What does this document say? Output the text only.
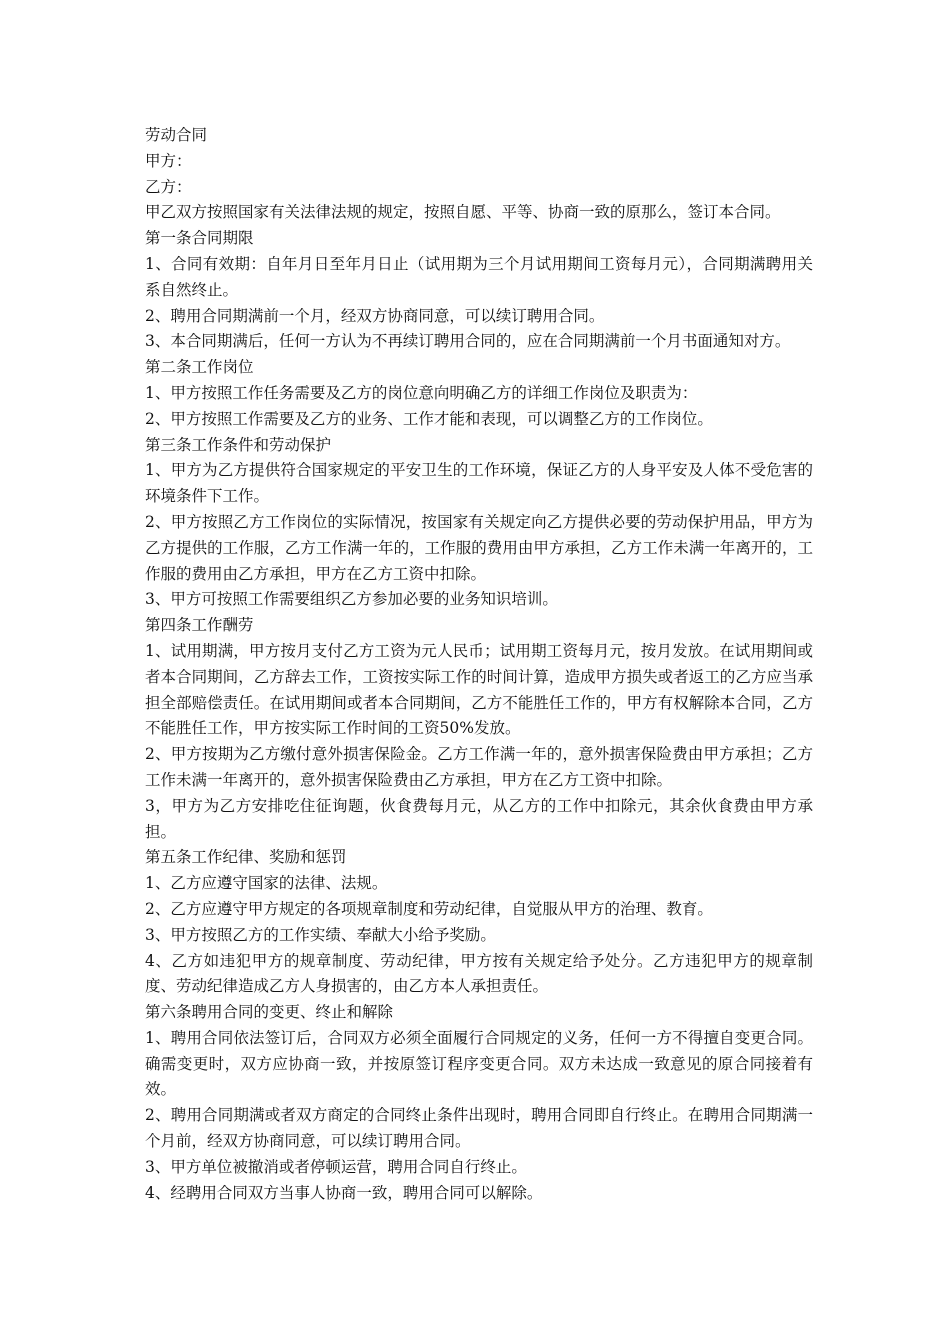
劳动合同

甲方：

乙方：

甲乙双方按照国家有关法律法规的规定，按照自愿、平等、协商一致的原那么，签订本合同。

第一条合同期限

1、合同有效期：自年月日至年月日止（试用期为三个月试用期间工资每月元），合同期满聘用关系自然终止。

2、聘用合同期满前一个月，经双方协商同意，可以续订聘用合同。

3、本合同期满后，任何一方认为不再续订聘用合同的，应在合同期满前一个月书面通知对方。

第二条工作岗位

1、甲方按照工作任务需要及乙方的岗位意向明确乙方的详细工作岗位及职责为：

2、甲方按照工作需要及乙方的业务、工作才能和表现，可以调整乙方的工作岗位。

第三条工作条件和劳动保护

1、甲方为乙方提供符合国家规定的平安卫生的工作环境，保证乙方的人身平安及人体不受危害的环境条件下工作。

2、甲方按照乙方工作岗位的实际情况，按国家有关规定向乙方提供必要的劳动保护用品，甲方为乙方提供的工作服，乙方工作满一年的，工作服的费用由甲方承担，乙方工作未满一年离开的，工作服的费用由乙方承担，甲方在乙方工资中扣除。

3、甲方可按照工作需要组织乙方参加必要的业务知识培训。

第四条工作酬劳

1、试用期满，甲方按月支付乙方工资为元人民币；试用期工资每月元，按月发放。在试用期间或者本合同期间，乙方辞去工作，工资按实际工作的时间计算，造成甲方损失或者返工的乙方应当承担全部赔偿责任。在试用期间或者本合同期间，乙方不能胜任工作的，甲方有权解除本合同，乙方不能胜任工作，甲方按实际工作时间的工资50%发放。

2、甲方按期为乙方缴付意外损害保险金。乙方工作满一年的，意外损害保险费由甲方承担；乙方工作未满一年离开的，意外损害保险费由乙方承担，甲方在乙方工资中扣除。

3，甲方为乙方安排吃住征询题，伙食费每月元，从乙方的工作中扣除元，其余伙食费由甲方承担。

第五条工作纪律、奖励和惩罚

1、乙方应遵守国家的法律、法规。

2、乙方应遵守甲方规定的各项规章制度和劳动纪律，自觉服从甲方的治理、教育。

3、甲方按照乙方的工作实绩、奉献大小给予奖励。

4、乙方如违犯甲方的规章制度、劳动纪律，甲方按有关规定给予处分。乙方违犯甲方的规章制度、劳动纪律造成乙方人身损害的，由乙方本人承担责任。

第六条聘用合同的变更、终止和解除

1、聘用合同依法签订后，合同双方必须全面履行合同规定的义务，任何一方不得擅自变更合同。确需变更时，双方应协商一致，并按原签订程序变更合同。双方未达成一致意见的原合同接着有效。

2、聘用合同期满或者双方商定的合同终止条件出现时，聘用合同即自行终止。在聘用合同期满一个月前，经双方协商同意，可以续订聘用合同。

3、甲方单位被撤消或者停顿运营，聘用合同自行终止。

4、经聘用合同双方当事人协商一致，聘用合同可以解除。
